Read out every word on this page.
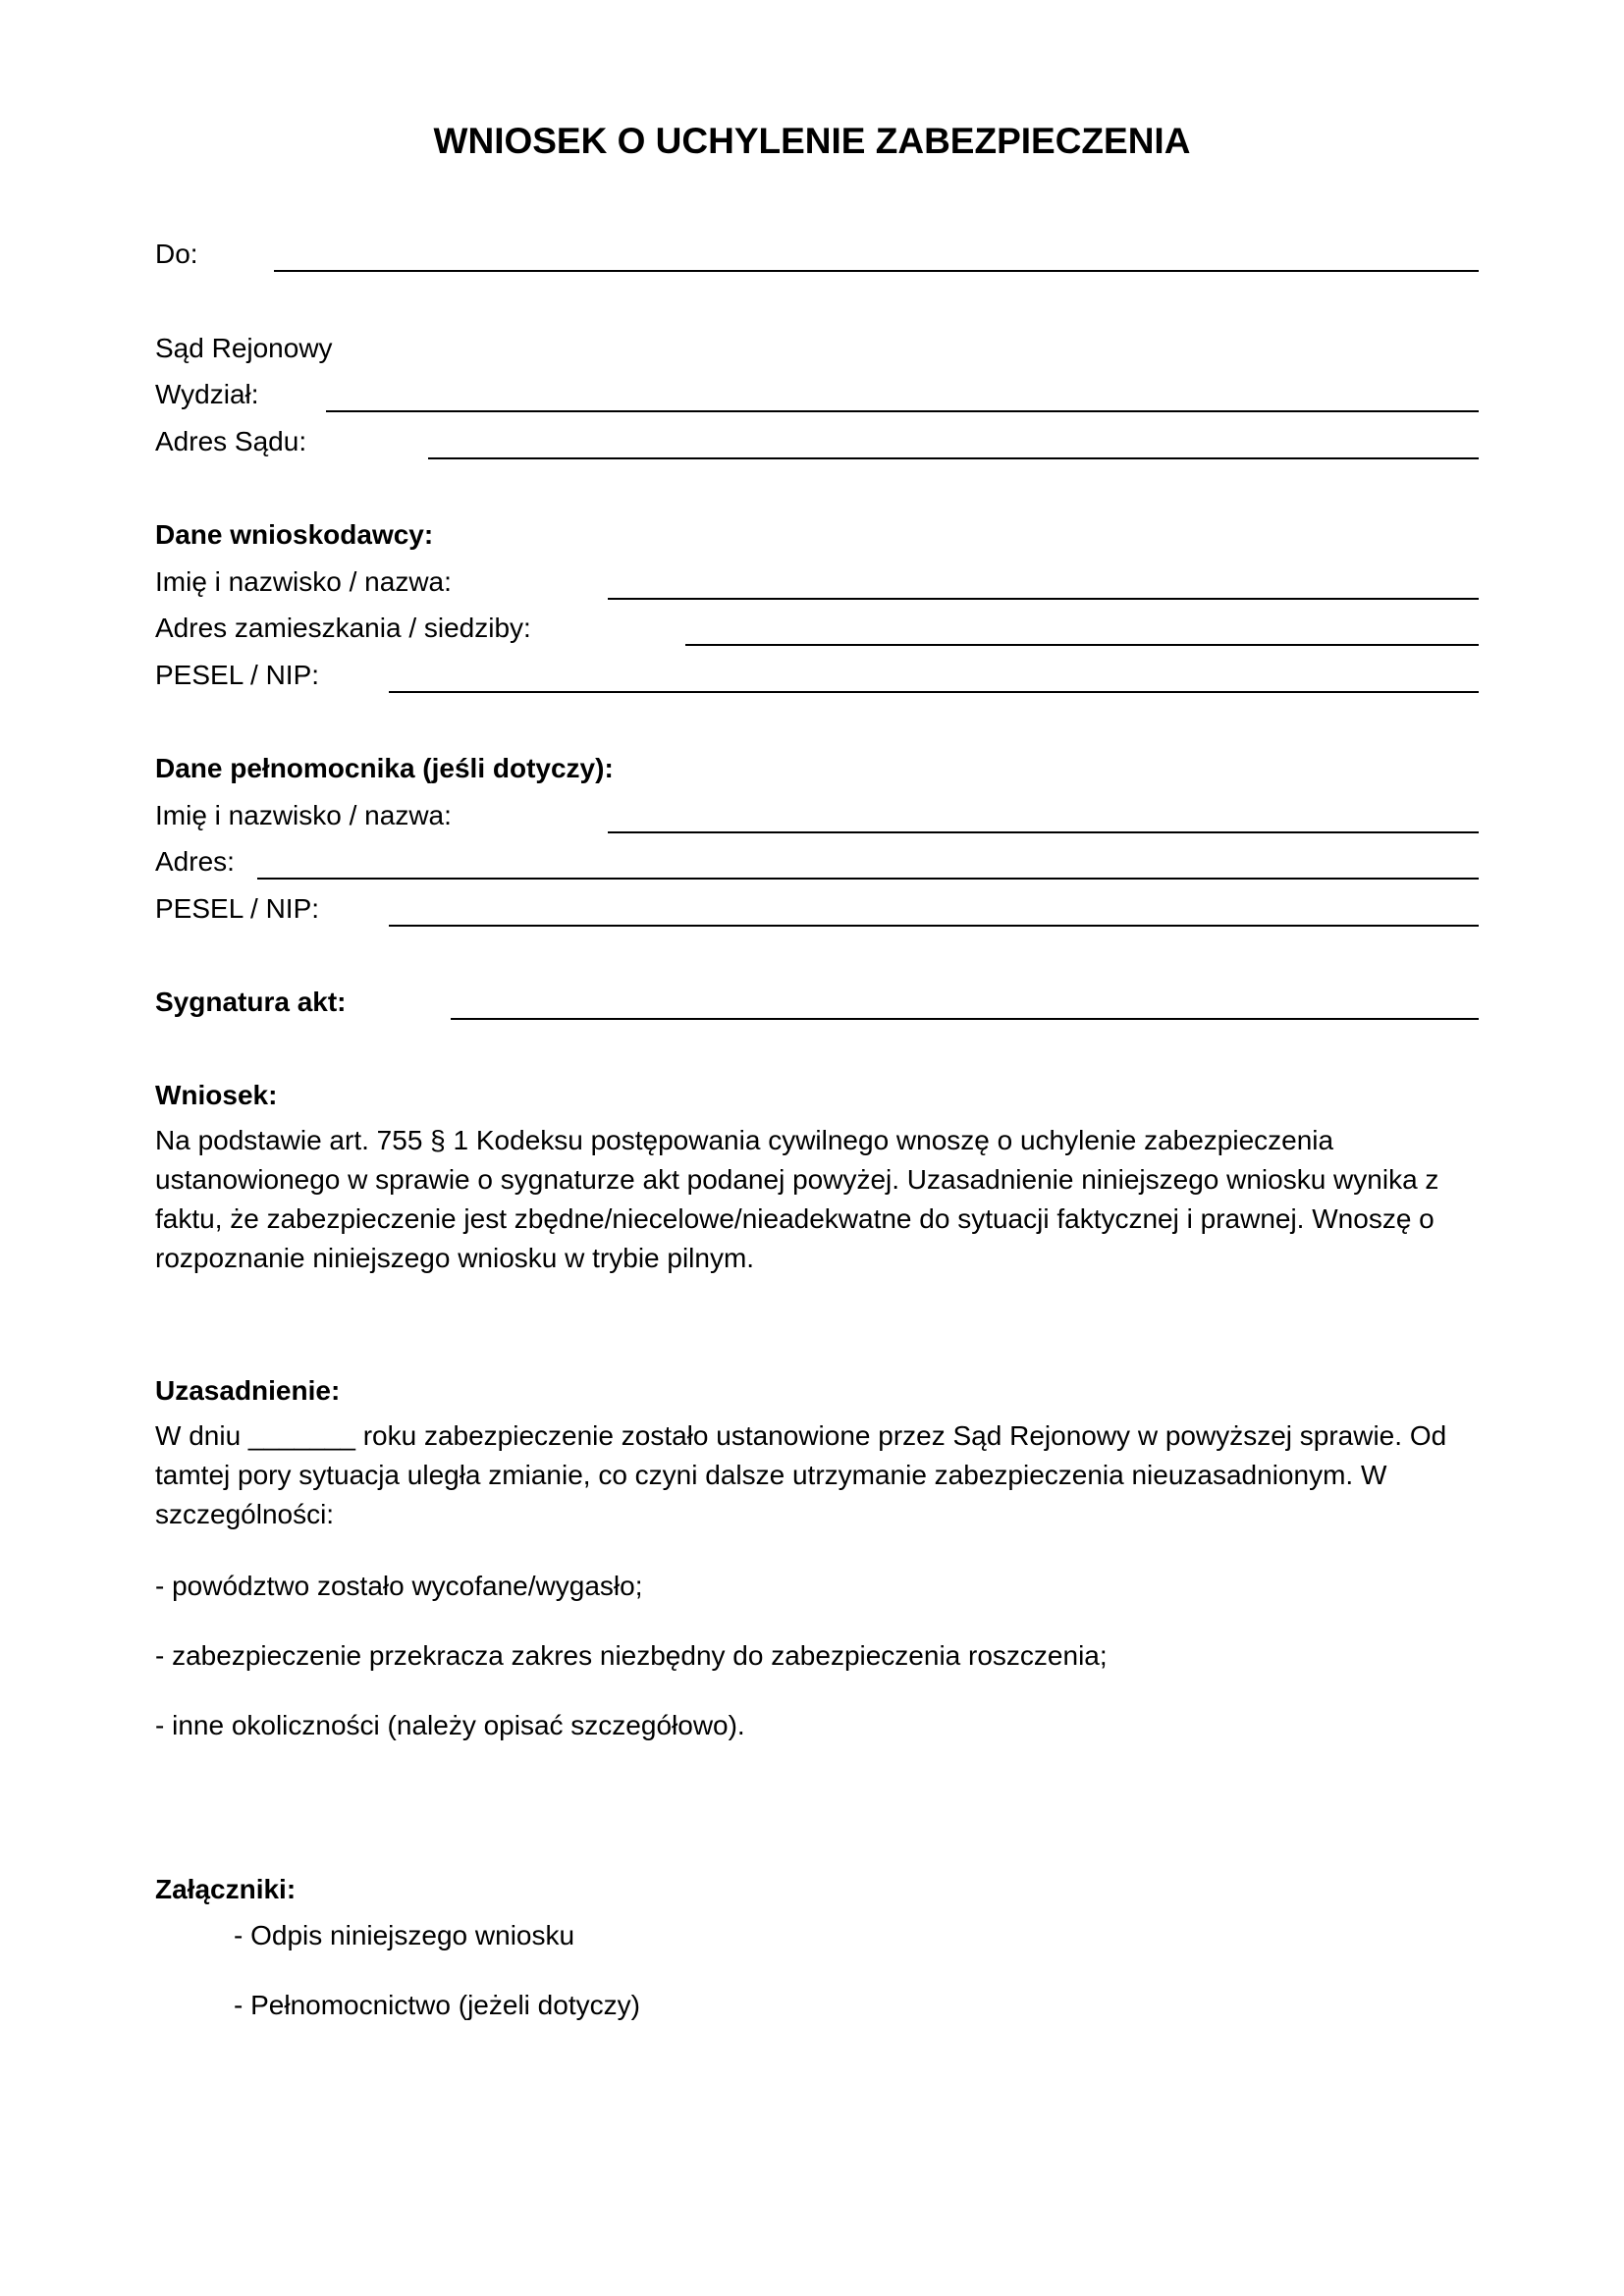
WNIOSEK O UCHYLENIE ZABEZPIECZENIA
Do:
Sąd Rejonowy
Wydział:
Adres Sądu:
Dane wnioskodawcy:
Imię i nazwisko / nazwa:
Adres zamieszkania / siedziby:
PESEL / NIP:
Dane pełnomocnika (jeśli dotyczy):
Imię i nazwisko / nazwa:
Adres:
PESEL / NIP:
Sygnatura akt:
Wniosek:
Na podstawie art. 755 § 1 Kodeksu postępowania cywilnego wnoszę o uchylenie zabezpieczenia ustanowionego w sprawie o sygnaturze akt podanej powyżej. Uzasadnienie niniejszego wniosku wynika z faktu, że zabezpieczenie jest zbędne/niecelowe/nieadekwatne do sytuacji faktycznej i prawnej. Wnoszę o rozpoznanie niniejszego wniosku w trybie pilnym.
Uzasadnienie:
W dniu _______ roku zabezpieczenie zostało ustanowione przez Sąd Rejonowy w powyższej sprawie. Od tamtej pory sytuacja uległa zmianie, co czyni dalsze utrzymanie zabezpieczenia nieuzasadnionym. W szczególności:
- powództwo zostało wycofane/wygasło;
- zabezpieczenie przekracza zakres niezbędny do zabezpieczenia roszczenia;
- inne okoliczności (należy opisać szczegółowo).
Załączniki:
- Odpis niniejszego wniosku
- Pełnomocnictwo (jeżeli dotyczy)
